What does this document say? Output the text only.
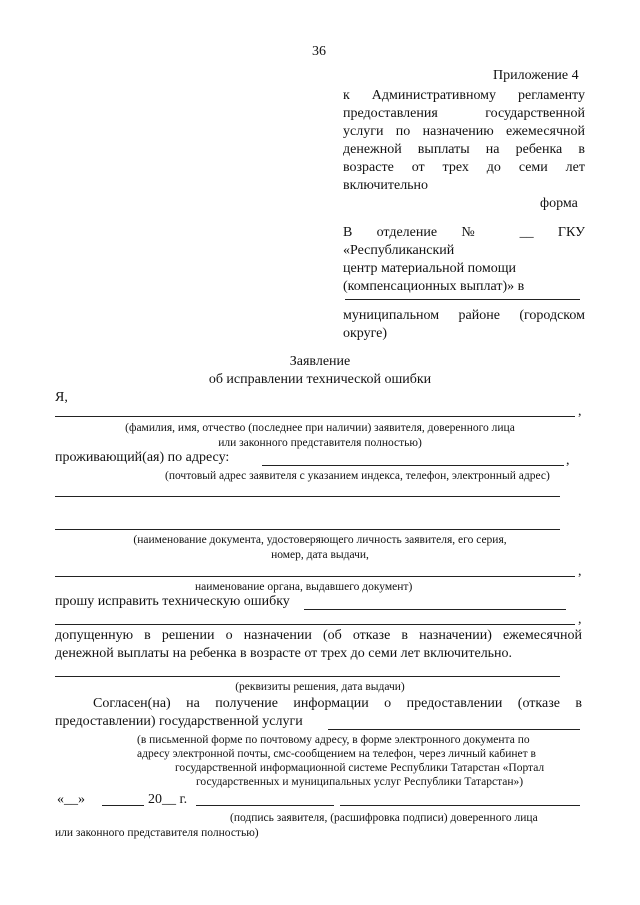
36
Приложение 4
к Административному регламенту
предоставления государственной
услуги по назначению ежемесячной
денежной выплаты на ребенка в
возрасте от трех до семи лет
включительно
форма
В отделение № __ ГКУ
«Республиканский
центр материальной помощи
(компенсационных выплат)» в
муниципальном районе (городском
округе)
Заявление
об исправлении технической ошибки
Я,
,
(фамилия, имя, отчество (последнее при наличии) заявителя, доверенного лица
или законного представителя полностью)
проживающий(ая) по адресу:	,
(почтовый адрес заявителя с указанием индекса, телефон, электронный адрес)
(наименование документа, удостоверяющего личность заявителя, его серия,
номер, дата выдачи,
,
наименование органа, выдавшего документ)
прошу исправить техническую ошибку
,
допущенную в решении о назначении (об отказе в назначении) ежемесячной
денежной выплаты на ребенка в возрасте от трех до семи лет включительно.
(реквизиты решения, дата выдачи)
Согласен(на) на получение информации о предоставлении (отказе в
предоставлении) государственной услуги
(в письменной форме по почтовому адресу, в форме электронного документа по
адресу электронной почты, смс-сообщением на телефон, через личный кабинет в
государственной информационной системе Республики Татарстан «Портал
государственных и муниципальных услуг Республики Татарстан»)
«__»	20__ г.
(подпись заявителя, (расшифровка подписи) доверенного лица
или законного представителя полностью)
